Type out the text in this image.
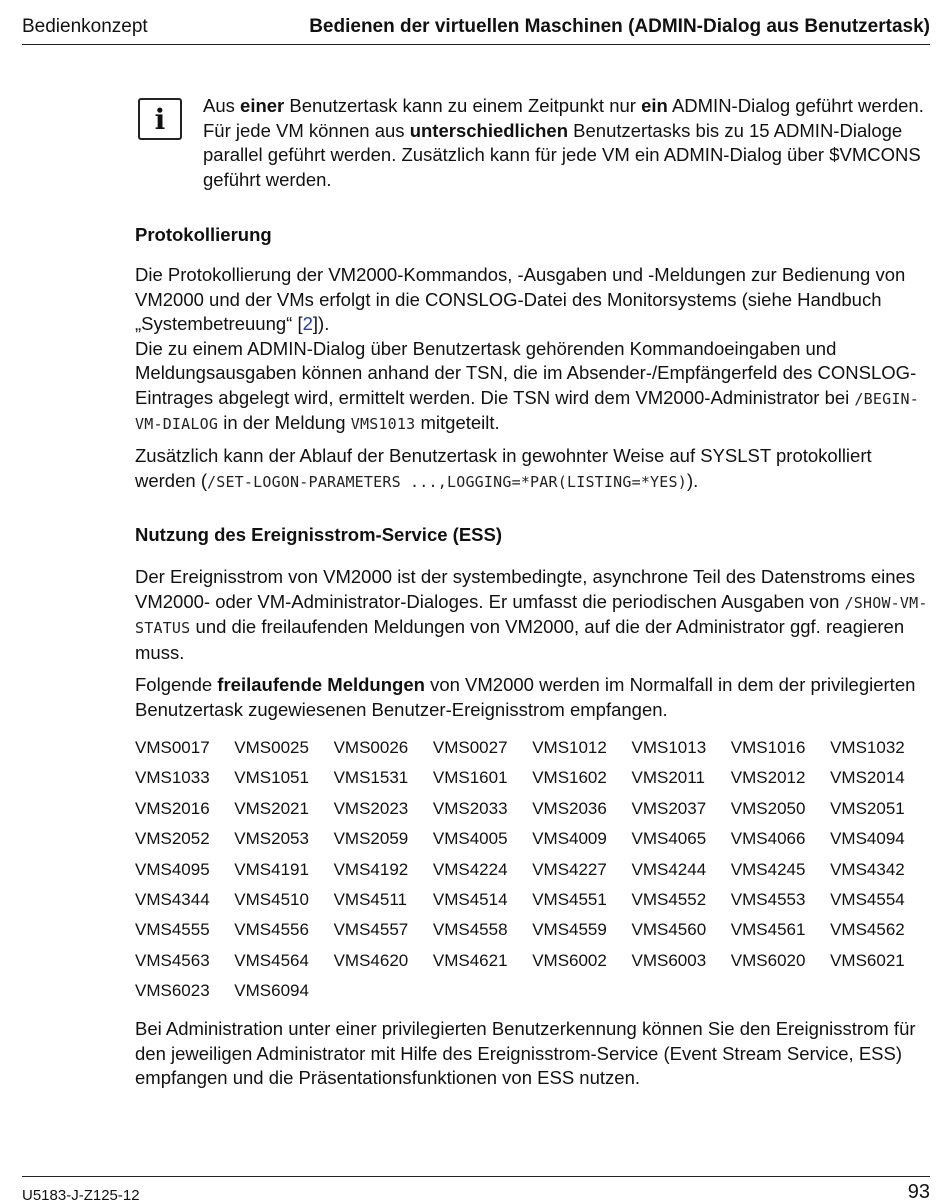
Bedienkonzept	Bedienen der virtuellen Maschinen (ADMIN-Dialog aus Benutzertask)
i	Aus einer Benutzertask kann zu einem Zeitpunkt nur ein ADMIN-Dialog geführt werden. Für jede VM können aus unterschiedlichen Benutzertasks bis zu 15 ADMIN-Dialoge parallel geführt werden. Zusätzlich kann für jede VM ein ADMIN-Dialog über $VMCONS geführt werden.

Protokollierung

Die Protokollierung der VM2000-Kommandos, -Ausgaben und -Meldungen zur Bedienung von VM2000 und der VMs erfolgt in die CONSLOG-Datei des Monitorsystems (siehe Handbuch „Systembetreuung“ [2]).

Die zu einem ADMIN-Dialog über Benutzertask gehörenden Kommandoeingaben und Meldungsausgaben können anhand der TSN, die im Absender-/Empfängerfeld des CONSLOG-Eintrages abgelegt wird, ermittelt werden. Die TSN wird dem VM2000-Administrator bei /BEGIN-VM-DIALOG in der Meldung VMS1013 mitgeteilt.

Zusätzlich kann der Ablauf der Benutzertask in gewohnter Weise auf SYSLST protokolliert werden (/SET-LOGON-PARAMETERS ...,LOGGING=*PAR(LISTING=*YES)).

Nutzung des Ereignisstrom-Service (ESS)

Der Ereignisstrom von VM2000 ist der systembedingte, asynchrone Teil des Datenstroms eines VM2000- oder VM-Administrator-Dialoges. Er umfasst die periodischen Ausgaben von /SHOW-VM-STATUS und die freilaufenden Meldungen von VM2000, auf die der Administrator ggf. reagieren muss.

Folgende freilaufende Meldungen von VM2000 werden im Normalfall in dem der privilegierten Benutzertask zugewiesenen Benutzer-Ereignisstrom empfangen.

Bei Administration unter einer privilegierten Benutzerkennung können Sie den Ereignisstrom für den jeweiligen Administrator mit Hilfe des Ereignisstrom-Service (Event Stream Service, ESS) empfangen und die Präsentationsfunktionen von ESS nutzen.

VMS0017 VMS0025 VMS0026 VMS0027 VMS1012 VMS1013 VMS1016 VMS1032
VMS1033 VMS1051 VMS1531 VMS1601 VMS1602 VMS2011 VMS2012 VMS2014
VMS2016 VMS2021 VMS2023 VMS2033 VMS2036 VMS2037 VMS2050 VMS2051
VMS2052 VMS2053 VMS2059 VMS4005 VMS4009 VMS4065 VMS4066 VMS4094
VMS4095 VMS4191 VMS4192 VMS4224 VMS4227 VMS4244 VMS4245 VMS4342
VMS4344 VMS4510 VMS4511 VMS4514 VMS4551 VMS4552 VMS4553 VMS4554
VMS4555 VMS4556 VMS4557 VMS4558 VMS4559 VMS4560 VMS4561 VMS4562
VMS4563 VMS4564 VMS4620 VMS4621 VMS6002 VMS6003 VMS6020 VMS6021
VMS6023 VMS6094
U5183-J-Z125-12	93
